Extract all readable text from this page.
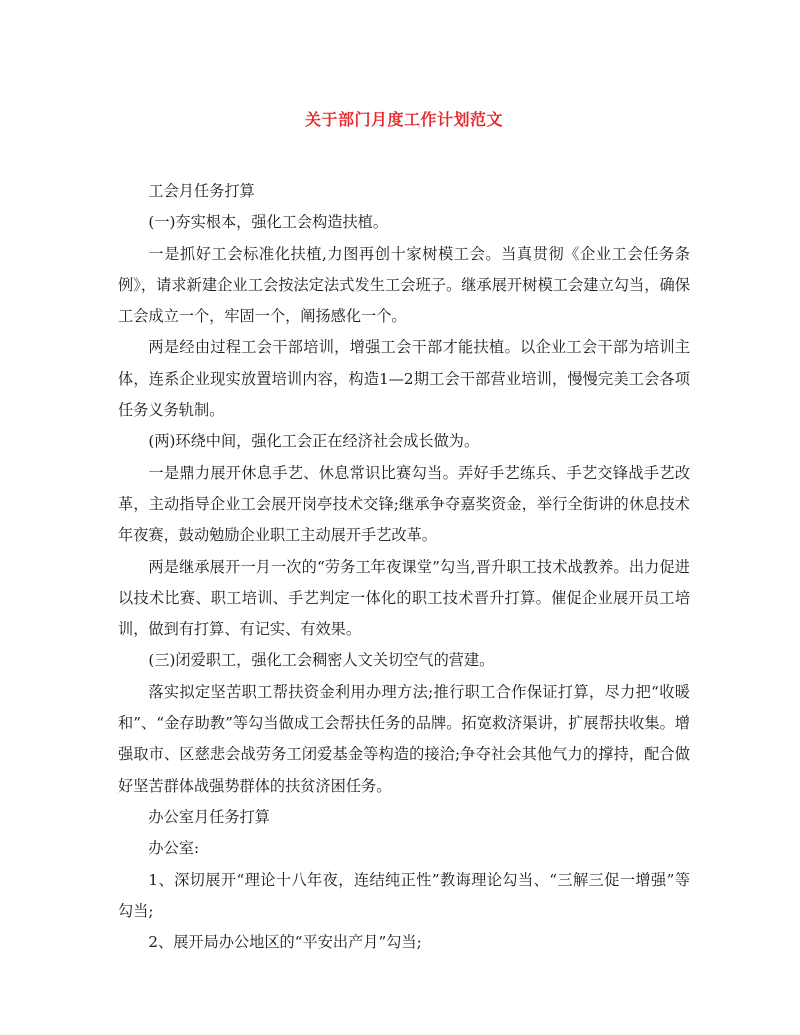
关于部门月度工作计划范文

工会月任务打算

(一)夯实根本，强化工会构造扶植。

一是抓好工会标准化扶植,力图再创十家树模工会。当真贯彻《企业工会任务条例》，请求新建企业工会按法定法式发生工会班子。继承展开树模工会建立勾当，确保工会成立一个，牢固一个，阐扬感化一个。

两是经由过程工会干部培训，增强工会干部才能扶植。以企业工会干部为培训主体，连系企业现实放置培训内容，构造1—2期工会干部营业培训，慢慢完美工会各项任务义务轨制。

(两)环绕中间，强化工会正在经济社会成长做为。

一是鼎力展开休息手艺、休息常识比赛勾当。弄好手艺练兵、手艺交锋战手艺改革，主动指导企业工会展开岗亭技术交锋;继承争夺嘉奖资金，举行全街讲的休息技术年夜赛，鼓动勉励企业职工主动展开手艺改革。

两是继承展开一月一次的“劳务工年夜课堂”勾当,晋升职工技术战教养。出力促进以技术比赛、职工培训、手艺判定一体化的职工技术晋升打算。催促企业展开员工培训，做到有打算、有记实、有效果。

(三)闭爱职工，强化工会稠密人文关切空气的营建。

落实拟定坚苦职工帮扶资金利用办理方法;推行职工合作保证打算，尽力把“收暖和”、“金存助教”等勾当做成工会帮扶任务的品牌。拓宽救济渠讲，扩展帮扶收集。增强取市、区慈悲会战劳务工闭爱基金等构造的接洽;争夺社会其他气力的撑持，配合做好坚苦群体战强势群体的扶贫济困任务。

办公室月任务打算

办公室:

1、深切展开“理论十八年夜，连结纯正性”教诲理论勾当、“三解三促一增强”等勾当;

2、展开局办公地区的“平安出产月”勾当;
